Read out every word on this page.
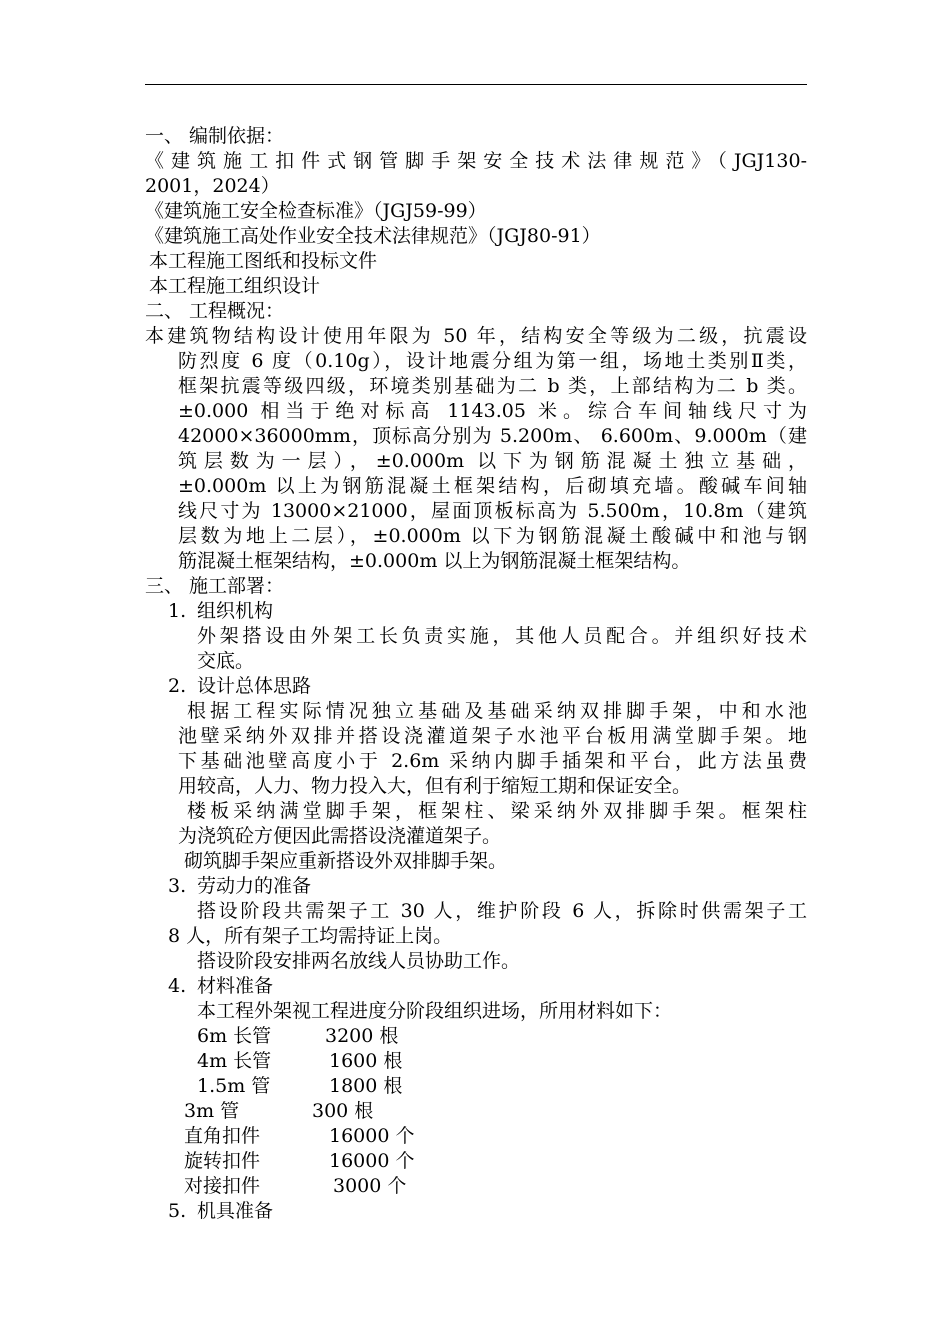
一、 编制依据：
《建筑施工扣件式钢管脚手架安全技术法律规范》（JGJ130-
2001，2024）
《建筑施工安全检查标准》（JGJ59-99）
《建筑施工高处作业安全技术法律规范》（JGJ80-91）
本工程施工图纸和投标文件
本工程施工组织设计
二、 工程概况：
本建筑物结构设计使用年限为 50 年，结构安全等级为二级，抗震设
防烈度 6 度（0.10g），设计地震分组为第一组，场地土类别Ⅱ类，
框架抗震等级四级，环境类别基础为二 b 类，上部结构为二 b 类。
±0.000 相当于绝对标高 1143.05 米。综合车间轴线尺寸为
42000×36000mm，顶标高分别为 5.200m、 6.600m、9.000m（建
筑层数为一层），±0.000m 以下为钢筋混凝土独立基础，
±0.000m 以上为钢筋混凝土框架结构，后砌填充墙。酸碱车间轴
线尺寸为 13000×21000，屋面顶板标高为 5.500m，10.8m（建筑
层数为地上二层），±0.000m 以下为钢筋混凝土酸碱中和池与钢
筋混凝土框架结构，±0.000m 以上为钢筋混凝土框架结构。
三、 施工部署：
1. 组织机构
外架搭设由外架工长负责实施，其他人员配合。并组织好技术
交底。
2. 设计总体思路
根据工程实际情况独立基础及基础采纳双排脚手架，中和水池
池壁采纳外双排并搭设浇灌道架子水池平台板用满堂脚手架。地
下基础池壁高度小于 2.6m 采纳内脚手插架和平台，此方法虽费
用较高，人力、物力投入大，但有利于缩短工期和保证安全。
楼板采纳满堂脚手架，框架柱、梁采纳外双排脚手架。框架柱
为浇筑砼方便因此需搭设浇灌道架子。
砌筑脚手架应重新搭设外双排脚手架。
3. 劳动力的准备
搭设阶段共需架子工 30 人，维护阶段 6 人，拆除时供需架子工
8 人，所有架子工均需持证上岗。
搭设阶段安排两名放线人员协助工作。
4. 材料准备
本工程外架视工程进度分阶段组织进场，所用材料如下：
6m 长管	3200 根
4m 长管	1600 根
1.5m 管	1800 根
3m 管	300 根
直角扣件	16000 个
旋转扣件	16000 个
对接扣件	3000 个
5. 机具准备
